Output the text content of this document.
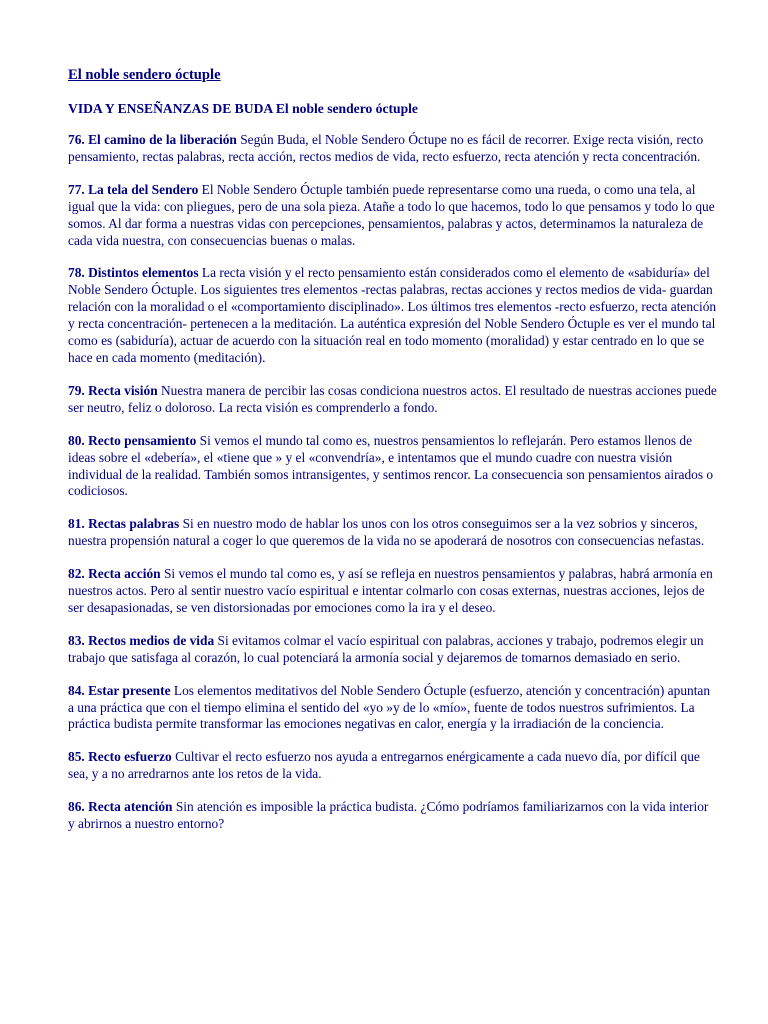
El noble sendero óctuple
VIDA Y ENSEÑANZAS DE BUDA El noble sendero óctuple
76. El camino de la liberación Según Buda, el Noble Sendero Óctupe no es fácil de recorrer. Exige recta visión, recto pensamiento, rectas palabras, recta acción, rectos medios de vida, recto esfuerzo, recta atención y recta concentración.
77. La tela del Sendero El Noble Sendero Óctuple también puede representarse como una rueda, o como una tela, al igual que la vida: con pliegues, pero de una sola pieza. Atañe a todo lo que hacemos, todo lo que pensamos y todo lo que somos. Al dar forma a nuestras vidas con percepciones, pensamientos, palabras y actos, determinamos la naturaleza de cada vida nuestra, con consecuencias buenas o malas.
78. Distintos elementos La recta visión y el recto pensamiento están considerados como el elemento de «sabiduría» del Noble Sendero Óctuple. Los siguientes tres elementos -rectas palabras, rectas acciones y rectos medios de vida- guardan relación con la moralidad o el «comportamiento disciplinado». Los últimos tres elementos -recto esfuerzo, recta atención y recta concentración- pertenecen a la meditación. La auténtica expresión del Noble Sendero Óctuple es ver el mundo tal como es (sabiduría), actuar de acuerdo con la situación real en todo momento (moralidad) y estar centrado en lo que se hace en cada momento (meditación).
79. Recta visión Nuestra manera de percibir las cosas condiciona nuestros actos. El resultado de nuestras acciones puede ser neutro, feliz o doloroso. La recta visión es comprenderlo a fondo.
80. Recto pensamiento Si vemos el mundo tal como es, nuestros pensamientos lo reflejarán. Pero estamos llenos de ideas sobre el «debería», el «tiene que » y el «convendría», e intentamos que el mundo cuadre con nuestra visión individual de la realidad. También somos intransigentes, y sentimos rencor. La consecuencia son pensamientos airados o codiciosos.
81. Rectas palabras Si en nuestro modo de hablar los unos con los otros conseguimos ser a la vez sobrios y sinceros, nuestra propensión natural a coger lo que queremos de la vida no se apoderará de nosotros con consecuencias nefastas.
82. Recta acción Si vemos el mundo tal como es, y así se refleja en nuestros pensamientos y palabras, habrá armonía en nuestros actos. Pero al sentir nuestro vacío espiritual e intentar colmarlo con cosas externas, nuestras acciones, lejos de ser desapasionadas, se ven distorsionadas por emociones como la ira y el deseo.
83. Rectos medios de vida Si evitamos colmar el vacío espiritual con palabras, acciones y trabajo, podremos elegir un trabajo que satisfaga al corazón, lo cual potenciará la armonía social y dejaremos de tomarnos demasiado en serio.
84. Estar presente Los elementos meditativos del Noble Sendero Óctuple (esfuerzo, atención y concentración) apuntan a una práctica que con el tiempo elimina el sentido del «yo »y de lo «mío», fuente de todos nuestros sufrimientos. La práctica budista permite transformar las emociones negativas en calor, energía y la irradiación de la conciencia.
85. Recto esfuerzo Cultivar el recto esfuerzo nos ayuda a entregarnos enérgicamente a cada nuevo día, por difícil que sea, y a no arredrarnos ante los retos de la vida.
86. Recta atención Sin atención es imposible la práctica budista. ¿Cómo podríamos familiarizarnos con la vida interior y abrirnos a nuestro entorno?
